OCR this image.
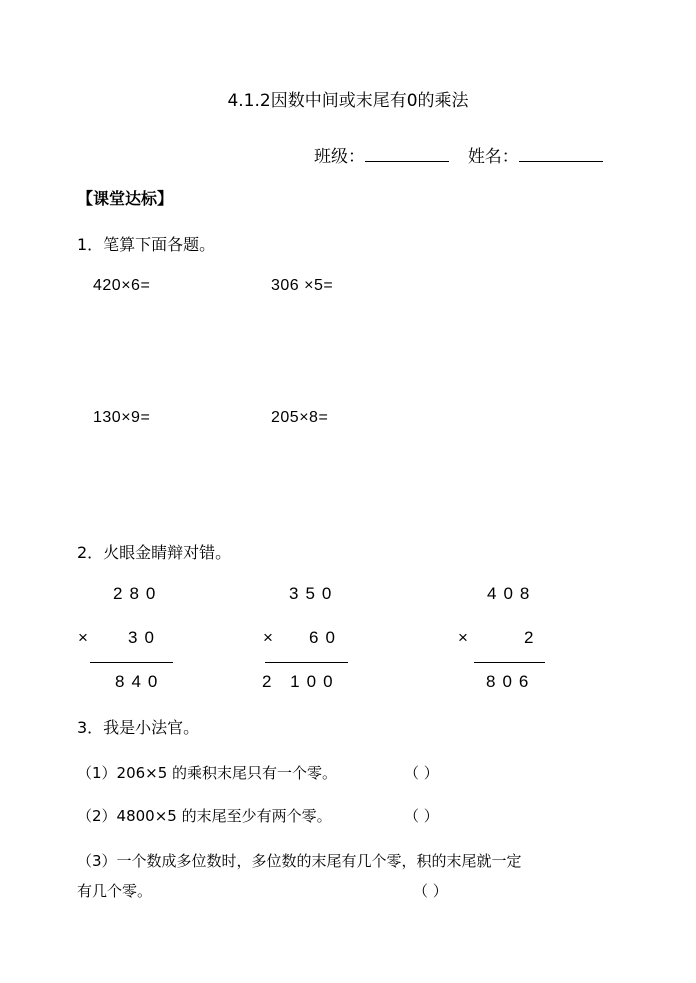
4.1.2因数中间或末尾有0的乘法
班级：	姓名：
【课堂达标】
1．笔算下面各题。
420×6=	306 ×5=
130×9=	205×8=
2．火眼金睛辩对错。
280
× 30
840
350
× 60
2 100
408
×	2
806
3．我是小法官。
（1）206×5 的乘积末尾只有一个零。	（ ）
（2）4800×5 的末尾至少有两个零。	（ ）
（3）一个数成多位数时，多位数的末尾有几个零，积的末尾就一定
有几个零。	（ ）
